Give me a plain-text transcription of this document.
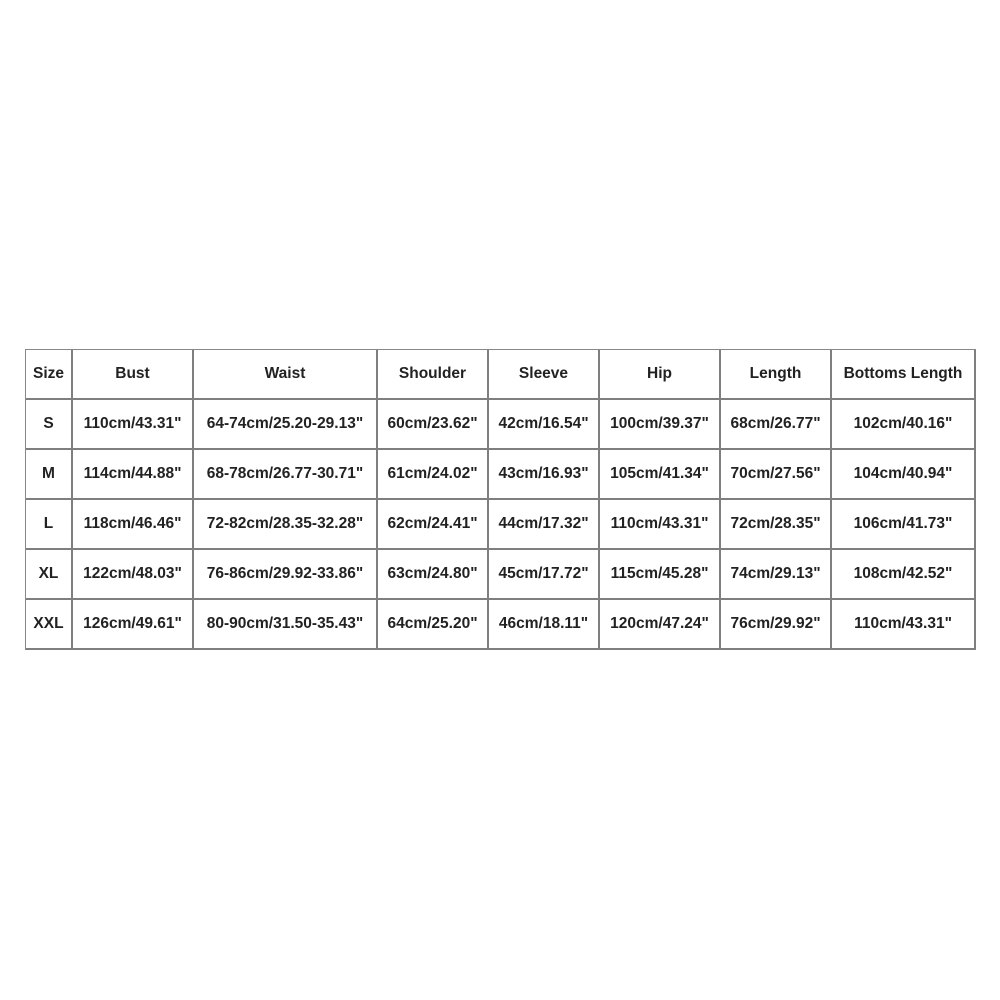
Size	Bust	Waist	Shoulder	Sleeve	Hip	Length	Bottoms Length
S	110cm/43.31"	64-74cm/25.20-29.13"	60cm/23.62"	42cm/16.54"	100cm/39.37"	68cm/26.77"	102cm/40.16"
M	114cm/44.88"	68-78cm/26.77-30.71"	61cm/24.02"	43cm/16.93"	105cm/41.34"	70cm/27.56"	104cm/40.94"
L	118cm/46.46"	72-82cm/28.35-32.28"	62cm/24.41"	44cm/17.32"	110cm/43.31"	72cm/28.35"	106cm/41.73"
XL	122cm/48.03"	76-86cm/29.92-33.86"	63cm/24.80"	45cm/17.72"	115cm/45.28"	74cm/29.13"	108cm/42.52"
XXL	126cm/49.61"	80-90cm/31.50-35.43"	64cm/25.20"	46cm/18.11"	120cm/47.24"	76cm/29.92"	110cm/43.31"
